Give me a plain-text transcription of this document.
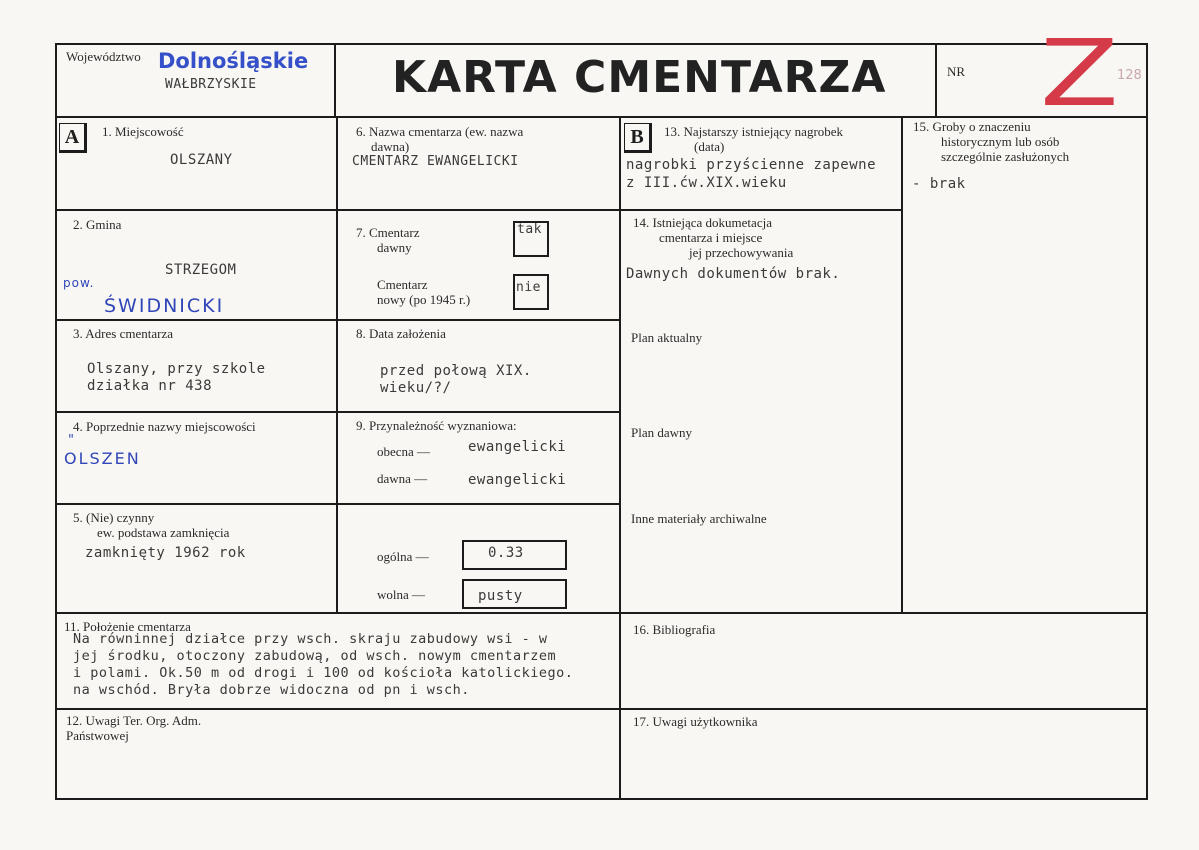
Województwo Dolnośląskie
WAŁBRZYSKIE	KARTA CMENTARZA	NR Z
128
A	B
1. Miejscowość
OLSZANY
2. Gmina
STRZEGOM
pow.
ŚWIDNICKI
3. Adres cmentarza
Olszany, przy szkole
działka nr 438
4. Poprzednie nazwy miejscowości
"
OLSZEN
5. (Nie) czynny
ew. podstawa zamknięcia
zamknięty 1962 rok
6. Nazwa cmentarza (ew. nazwa
dawna)
CMENTARZ EWANGELICKI
7. Cmentarz
dawny
tak
Cmentarz
nowy (po 1945 r.)
nie
8. Data założenia
przed połową XIX.
wieku/?/
9. Przynależność wyznaniowa:
obecna —	ewangelicki
dawna —	ewangelicki
ogólna —	0.33
wolna —	pusty
11. Położenie cmentarza
Na równinnej działce przy wsch. skraju zabudowy wsi - w
jej środku, otoczony zabudową, od wsch. nowym cmentarzem
i polami. Ok.50 m od drogi i 100 od kościoła katolickiego.
na wschód. Bryła dobrze widoczna od pn i wsch.
12. Uwagi Ter. Org. Adm.
Państwowej
13. Najstarszy istniejący nagrobek
(data)
nagrobki przyścienne zapewne
z III.ćw.XIX.wieku
14. Istniejąca dokumetacja
cmentarza i miejsce
jej przechowywania
Dawnych dokumentów brak.
Plan aktualny
Plan dawny
Inne materiały archiwalne
15. Groby o znaczeniu
historycznym lub osób
szczególnie zasłużonych
- brak
16. Bibliografia
17. Uwagi użytkownika
